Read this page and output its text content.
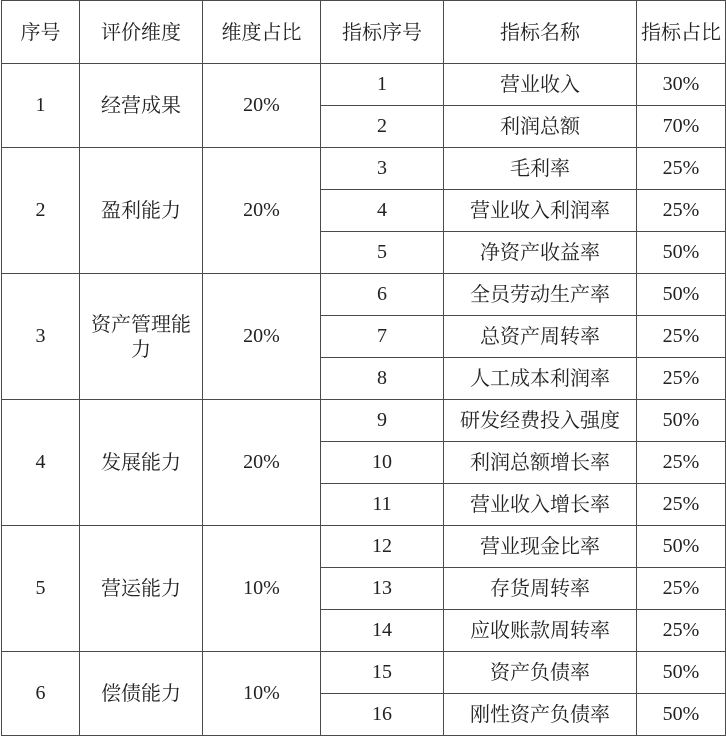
序号	评价维度	维度占比	指标序号	指标名称	指标占比
1	经营成果	20%	1	营业收入	30%
			2	利润总额	70%
2	盈利能力	20%	3	毛利率	25%
			4	营业收入利润率	25%
			5	净资产收益率	50%
3	资产管理能力	20%	6	全员劳动生产率	50%
			7	总资产周转率	25%
			8	人工成本利润率	25%
4	发展能力	20%	9	研发经费投入强度	50%
			10	利润总额增长率	25%
			11	营业收入增长率	25%
5	营运能力	10%	12	营业现金比率	50%
			13	存货周转率	25%
			14	应收账款周转率	25%
6	偿债能力	10%	15	资产负债率	50%
			16	刚性资产负债率	50%
